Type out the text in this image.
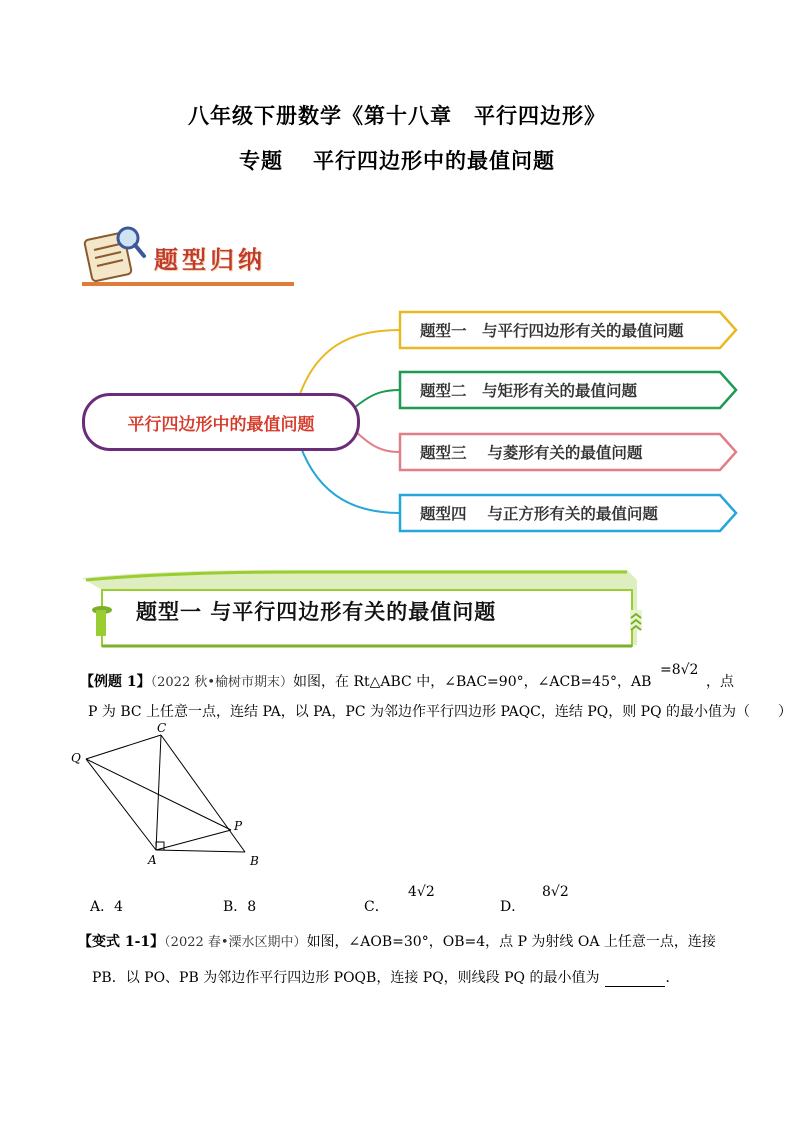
八年级下册数学《第十八章　平行四边形》
专题 平行四边形中的最值问题
题型归纳
平行四边形中的最值问题
题型一　与平行四边形有关的最值问题
题型二　与矩形有关的最值问题
题型三　 与菱形有关的最值问题
题型四　 与正方形有关的最值问题
题型一 与平行四边形有关的最值问题
【例题 1】（2022 秋•榆树市期末）如图，在 Rt△ABC 中，∠BAC=90°，∠ACB=45°，AB
=8√2
，点
P 为 BC 上任意一点，连结 PA，以 PA，PC 为邻边作平行四边形 PAQC，连结 PQ，则 PQ 的最小值为（　　）
Q
C
P
A	B
A．4	B．8	C．
4√2
D．
8√2
【变式 1-1】（2022 春•溧水区期中）如图，∠AOB=30°，OB=4，点 P 为射线 OA 上任意一点，连接
PB．以 PO、PB 为邻边作平行四边形 POQB，连接 PQ，则线段 PQ 的最小值为	．
